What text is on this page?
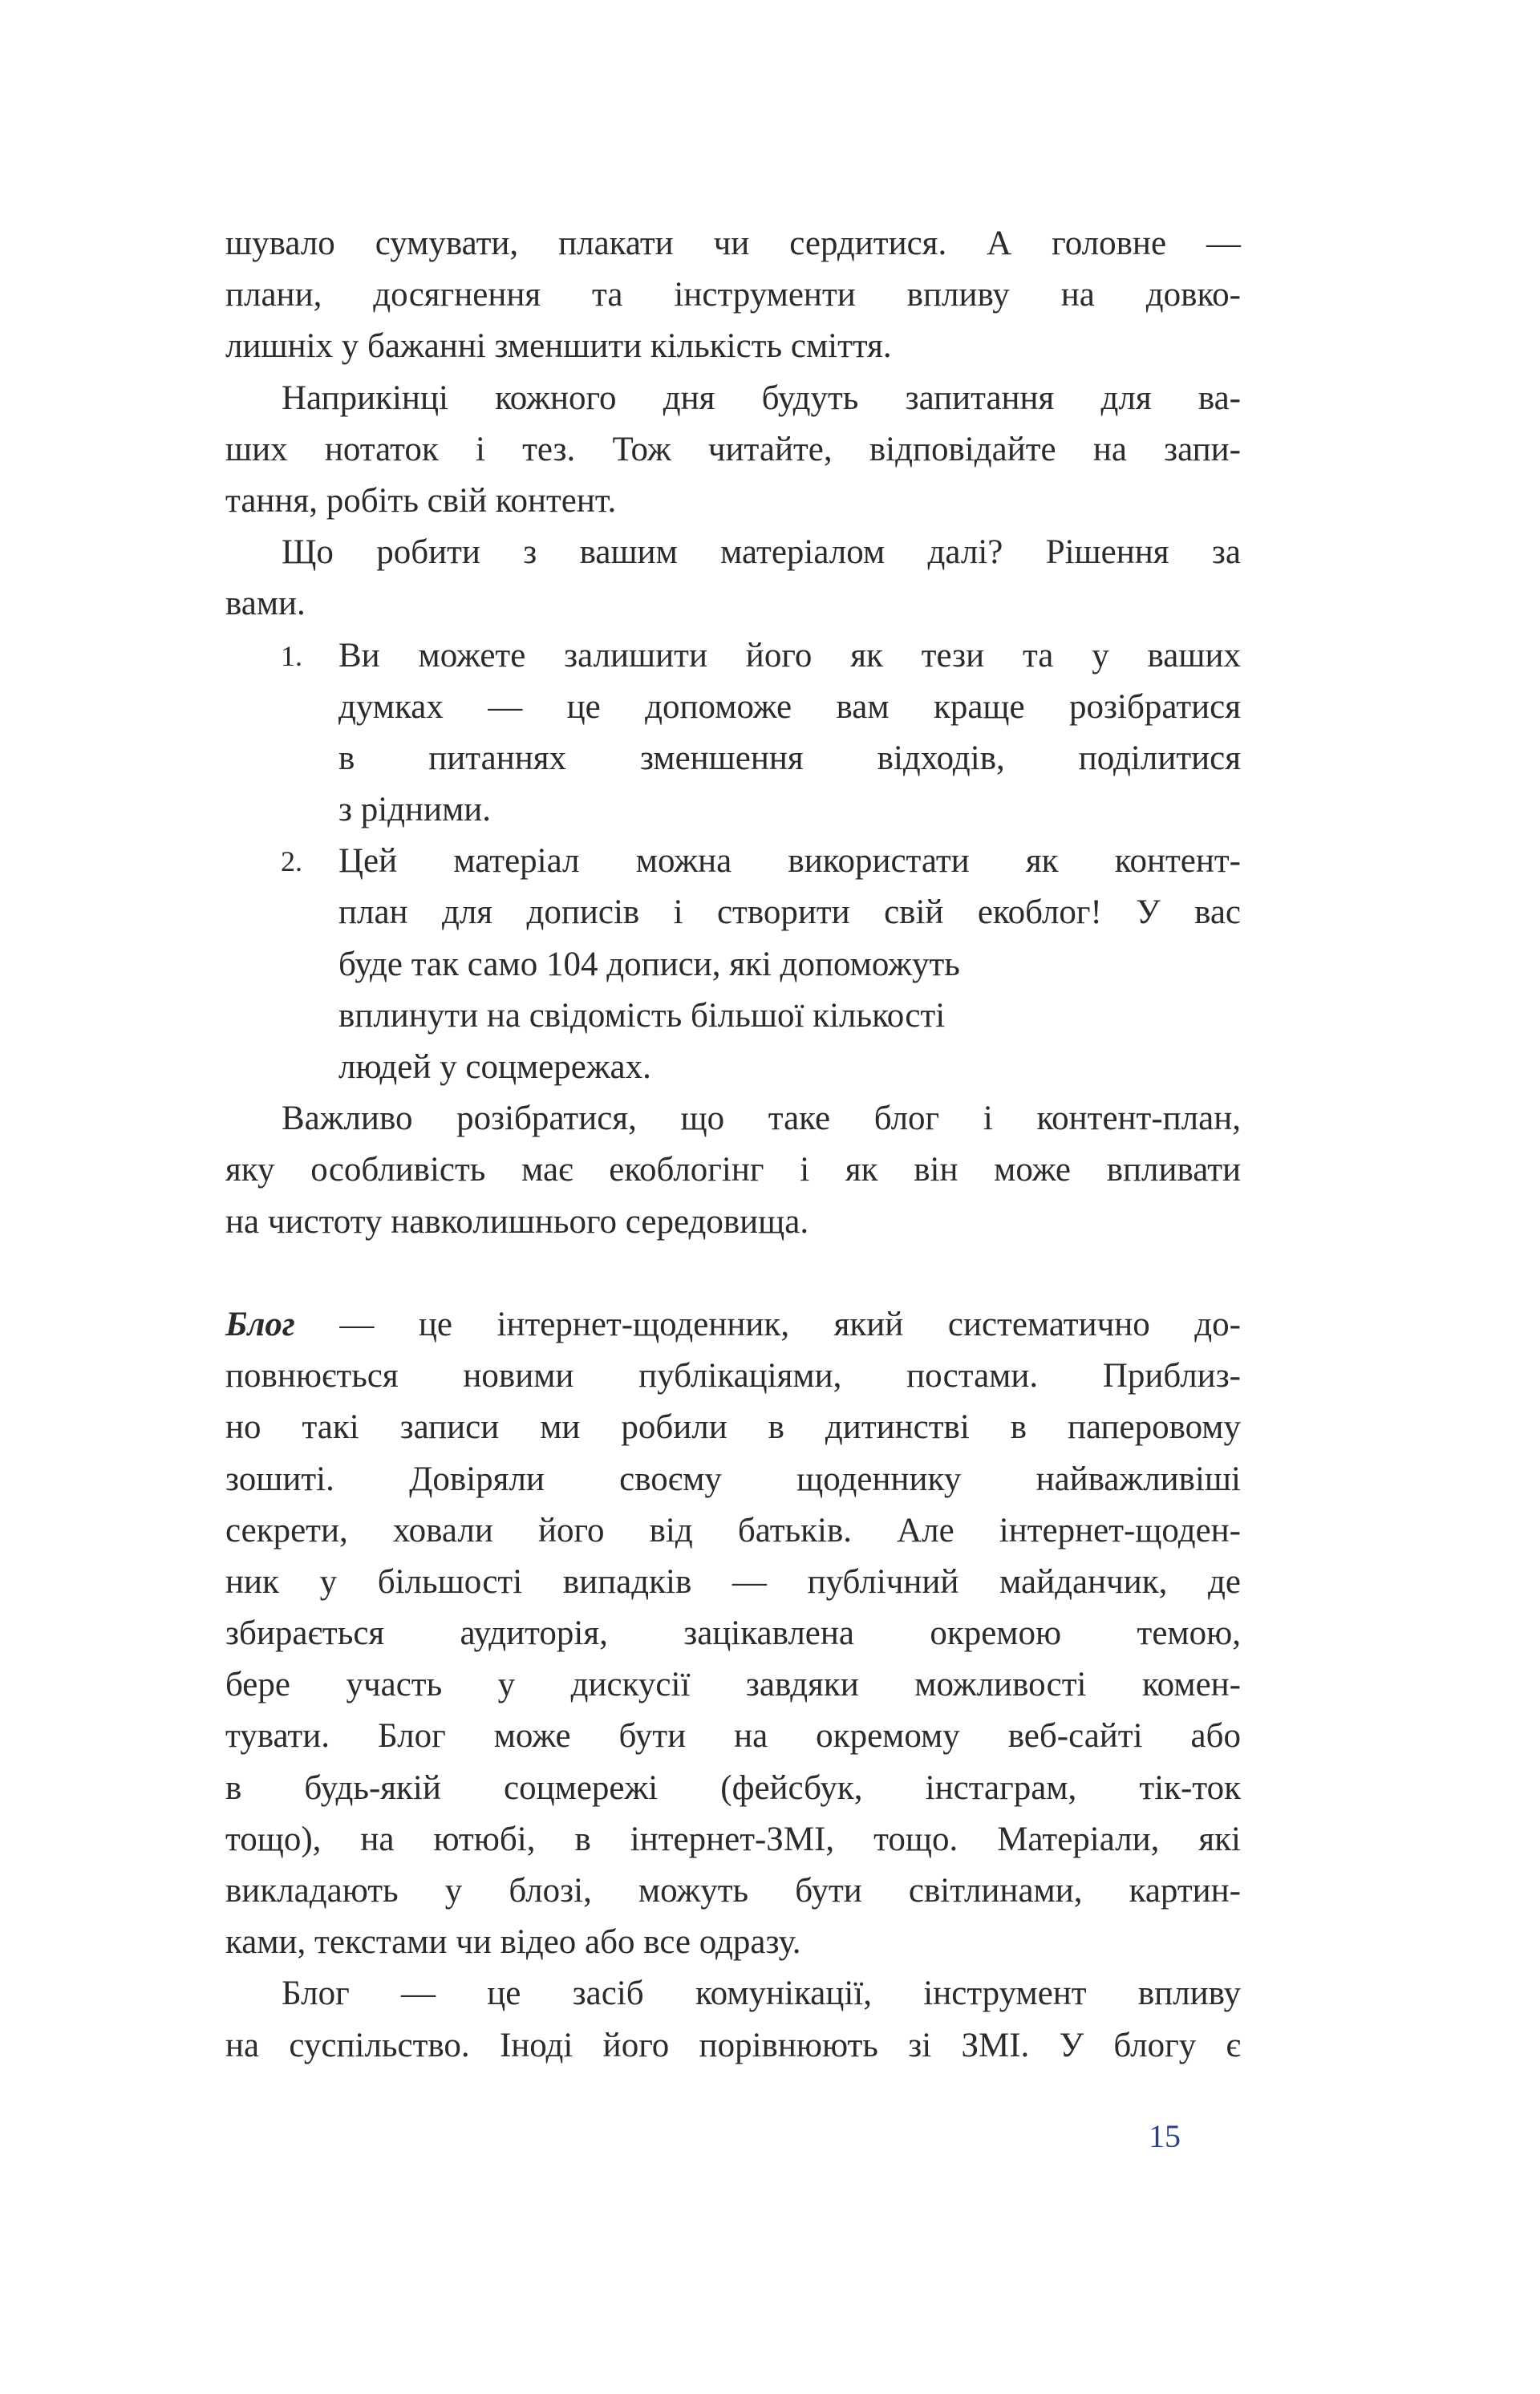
шувало сумувати, плакати чи сердитися. А головне —
плани, досягнення та інструменти впливу на довко-
лишніх у бажанні зменшити кількість сміття.
Наприкінці кожного дня будуть запитання для ва-
ших нотаток і тез. Тож читайте, відповідайте на запи-
тання, робіть свій контент.
Що робити з вашим матеріалом далі? Рішення за
вами.
1. Ви можете залишити його як тези та у ваших
думках — це допоможе вам краще розібратися
в питаннях зменшення відходів, поділитися
з рідними.
2. Цей матеріал можна використати як контент-
план для дописів і створити свій екоблог! У вас
буде так само 104 дописи, які допоможуть
вплинути на свідомість більшої кількості
людей у соцмережах.
Важливо розібратися, що таке блог і контент-план,
яку особливість має екоблогінг і як він може впливати
на чистоту навколишнього середовища.
Блог — це інтернет-щоденник, який систематично до-
повнюється новими публікаціями, постами. Приблиз-
но такі записи ми робили в дитинстві в паперовому
зошиті. Довіряли своєму щоденнику найважливіші
секрети, ховали його від батьків. Але інтернет-щоден-
ник у більшості випадків — публічний майданчик, де
збирається аудиторія, зацікавлена окремою темою,
бере участь у дискусії завдяки можливості комен-
тувати. Блог може бути на окремому веб-сайті або
в будь-якій соцмережі (фейсбук, інстаграм, тік-ток
тощо), на ютюбі, в інтернет-ЗМІ, тощо. Матеріали, які
викладають у блозі, можуть бути світлинами, картин-
ками, текстами чи відео або все одразу.
Блог — це засіб комунікації, інструмент впливу
на суспільство. Іноді його порівнюють зі ЗМІ. У блогу є
15
